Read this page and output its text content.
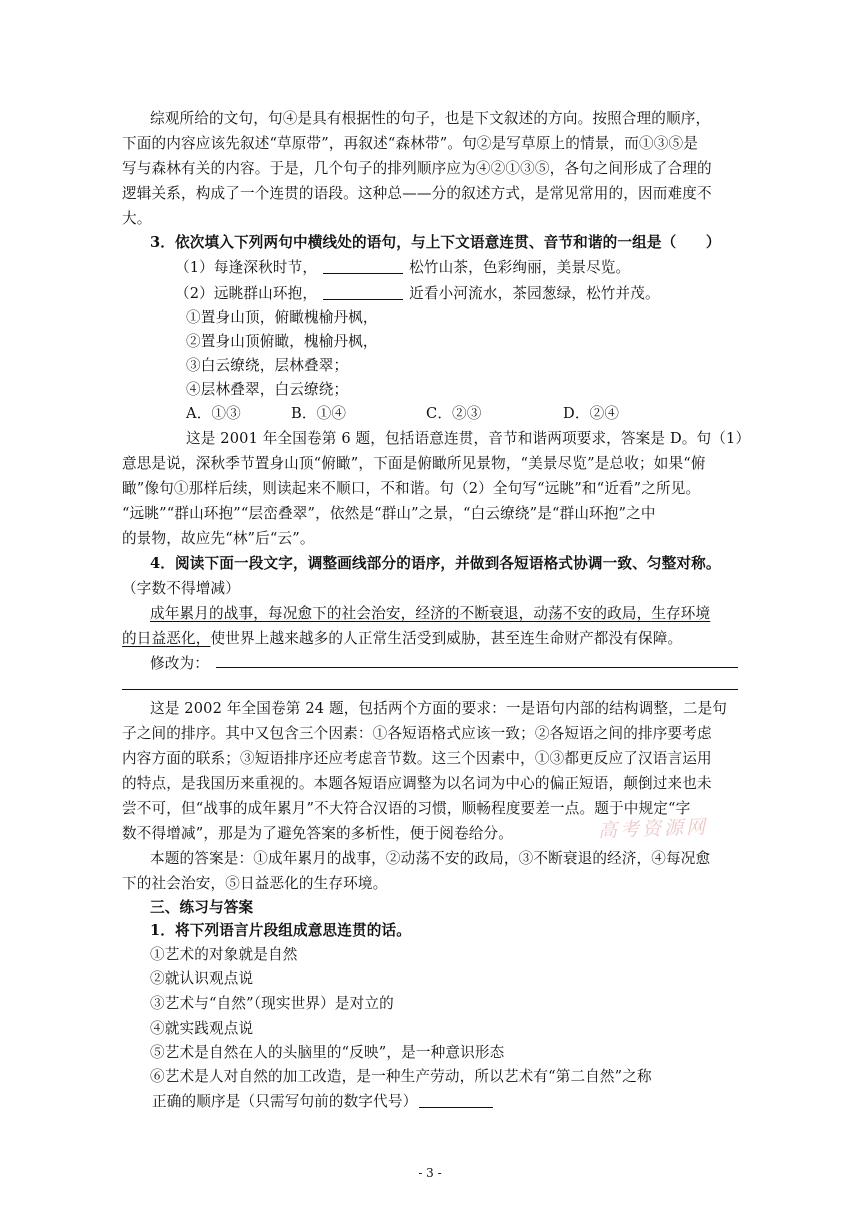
综观所给的文句，句④是具有根据性的句子，也是下文叙述的方向。按照合理的顺序，
下面的内容应该先叙述“草原带”，再叙述“森林带”。句②是写草原上的情景，而①③⑤是
写与森林有关的内容。于是，几个句子的排列顺序应为④②①③⑤，各句之间形成了合理的
逻辑关系，构成了一个连贯的语段。这种总——分的叙述方式，是常见常用的，因而难度不
大。
3．依次填入下列两句中横线处的语句，与上下文语意连贯、音节和谐的一组是（　　）
（1）每逢深秋时节，	松竹山茶，色彩绚丽，美景尽览。
（2）远眺群山环抱，	近看小河流水，茶园葱绿，松竹并茂。
①置身山顶，俯瞰槐榆丹枫，
②置身山顶俯瞰，槐榆丹枫，
③白云缭绕，层林叠翠；
④层林叠翠，白云缭绕；
A．①③	B．①④	C．②③	D．②④
这是 2001 年全国卷第 6 题，包括语意连贯，音节和谐两项要求，答案是 D。句（1）
意思是说，深秋季节置身山顶“俯瞰”，下面是俯瞰所见景物，“美景尽览”是总收；如果“俯
瞰”像句①那样后续，则读起来不顺口，不和谐。句（2）全句写“远眺”和“近看”之所见。
“远眺”“群山环抱”“层峦叠翠”，依然是“群山”之景，“白云缭绕”是“群山环抱”之中
的景物，故应先“林”后“云”。
4．阅读下面一段文字，调整画线部分的语序，并做到各短语格式协调一致、匀整对称。
（字数不得增减）
成年累月的战事，每况愈下的社会治安，经济的不断衰退，动荡不安的政局，生存环境
的日益恶化，使世界上越来越多的人正常生活受到威胁，甚至连生命财产都没有保障。
修改为：
这是 2002 年全国卷第 24 题，包括两个方面的要求：一是语句内部的结构调整，二是句
子之间的排序。其中又包含三个因素：①各短语格式应该一致；②各短语之间的排序要考虑
内容方面的联系；③短语排序还应考虑音节数。这三个因素中，①③都更反应了汉语言运用
的特点，是我国历来重视的。本题各短语应调整为以名词为中心的偏正短语，颠倒过来也未
尝不可，但“战事的成年累月”不大符合汉语的习惯，顺畅程度要差一点。题于中规定“字
数不得增减”，那是为了避免答案的多析性，便于阅卷给分。
本题的答案是：①成年累月的战事，②动荡不安的政局，③不断衰退的经济，④每况愈
下的社会治安，⑤日益恶化的生存环境。
三、练习与答案
1．将下列语言片段组成意思连贯的话。
①艺术的对象就是自然
②就认识观点说
③艺术与“自然”（现实世界）是对立的
④就实践观点说
⑤艺术是自然在人的头脑里的“反映”，是一种意识形态
⑥艺术是人对自然的加工改造，是一种生产劳动，所以艺术有“第二自然”之称
正确的顺序是（只需写句前的数字代号）
高考资源网
- 3 -
